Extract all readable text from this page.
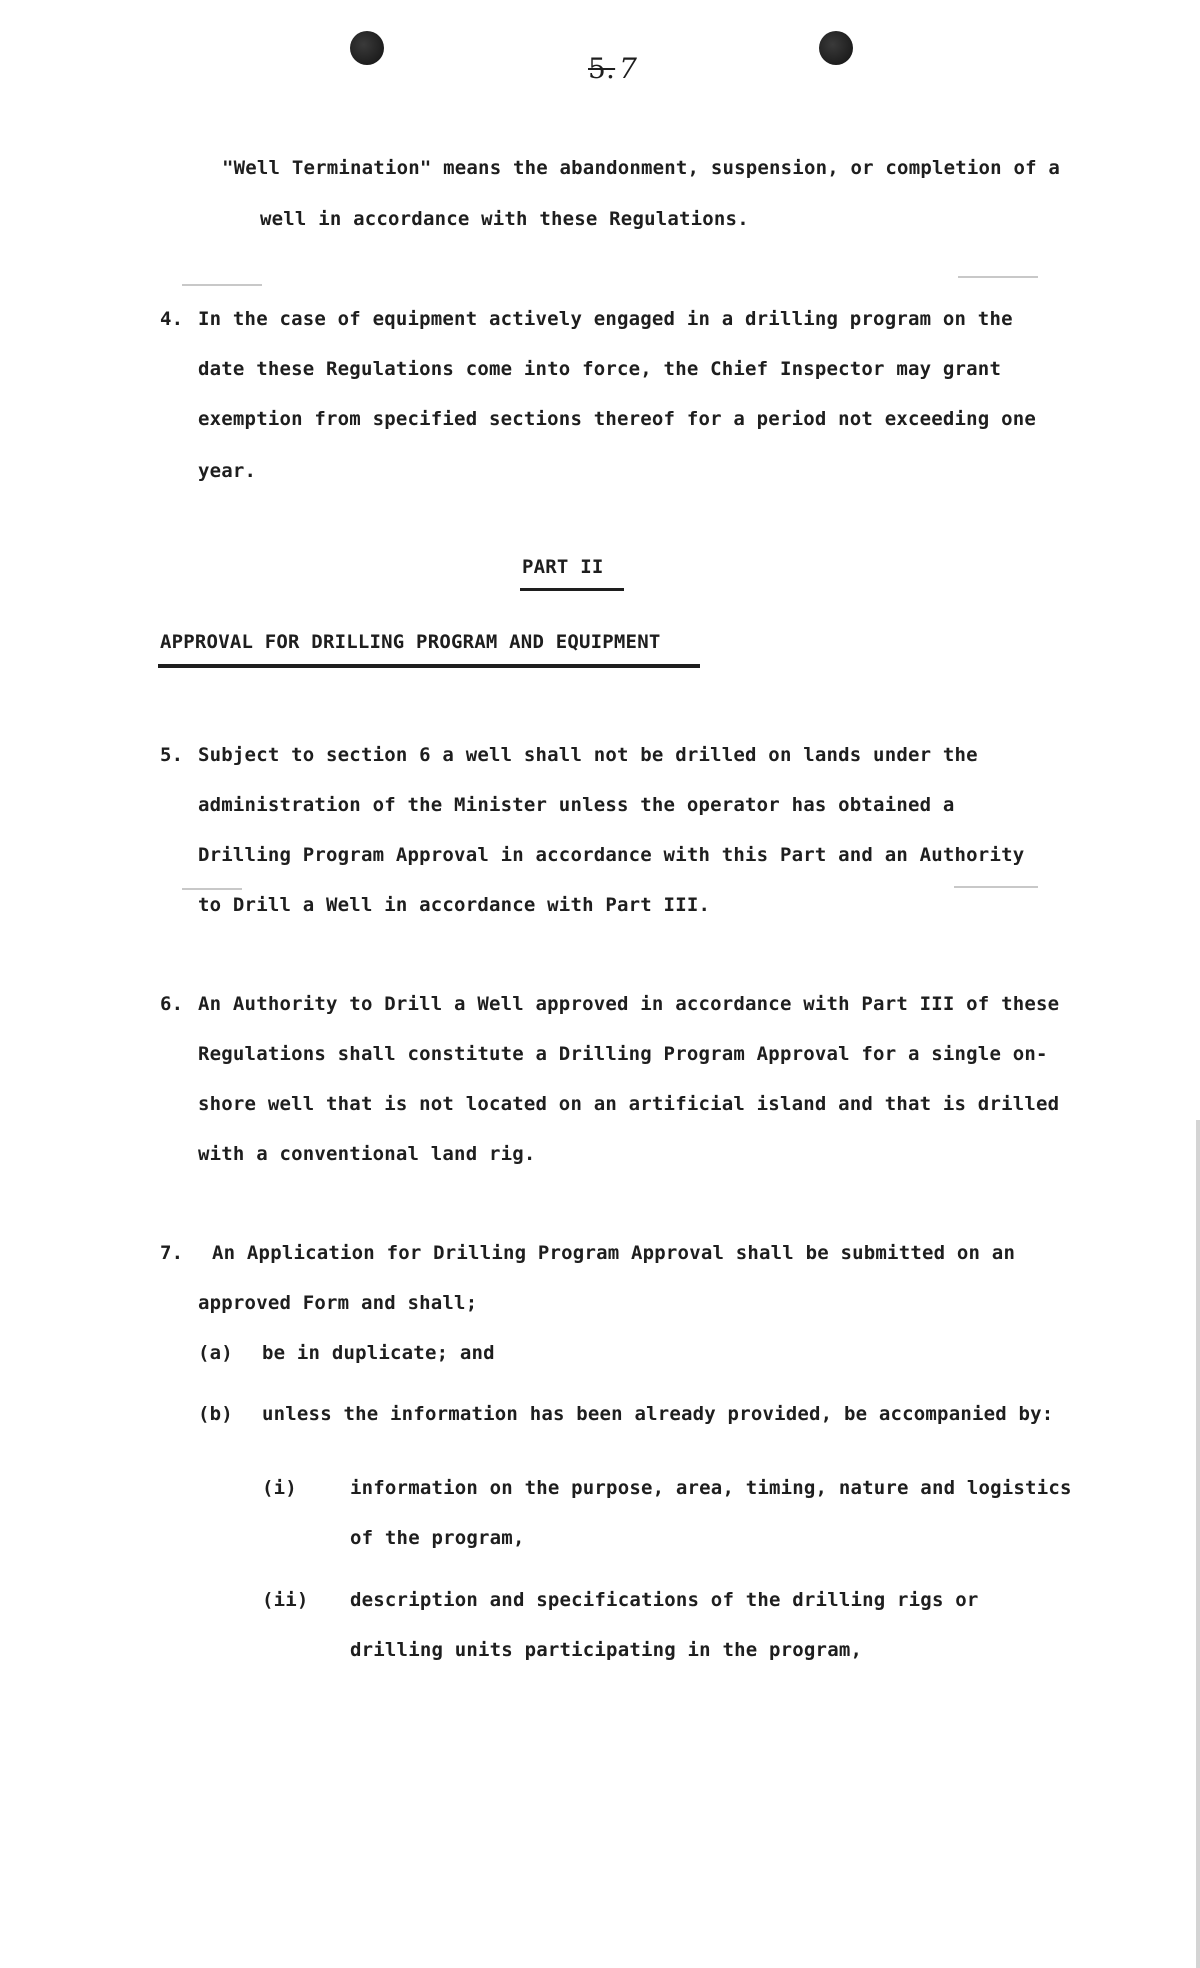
5. 7
"Well Termination" means the abandonment, suspension, or completion of a
well in accordance with these Regulations.
4. In the case of equipment actively engaged in a drilling program on the
date these Regulations come into force, the Chief Inspector may grant
exemption from specified sections thereof for a period not exceeding one
year.
PART II
APPROVAL FOR DRILLING PROGRAM AND EQUIPMENT
5. Subject to section 6 a well shall not be drilled on lands under the
administration of the Minister unless the operator has obtained a
Drilling Program Approval in accordance with this Part and an Authority
to Drill a Well in accordance with Part III.
6. An Authority to Drill a Well approved in accordance with Part III of these
Regulations shall constitute a Drilling Program Approval for a single on-
shore well that is not located on an artificial island and that is drilled
with a conventional land rig.
7. An Application for Drilling Program Approval shall be submitted on an
approved Form and shall;
(a) be in duplicate; and
(b) unless the information has been already provided, be accompanied by:
(i)	information on the purpose, area, timing, nature and logistics
of the program,
(ii) description and specifications of the drilling rigs or
drilling units participating in the program,
